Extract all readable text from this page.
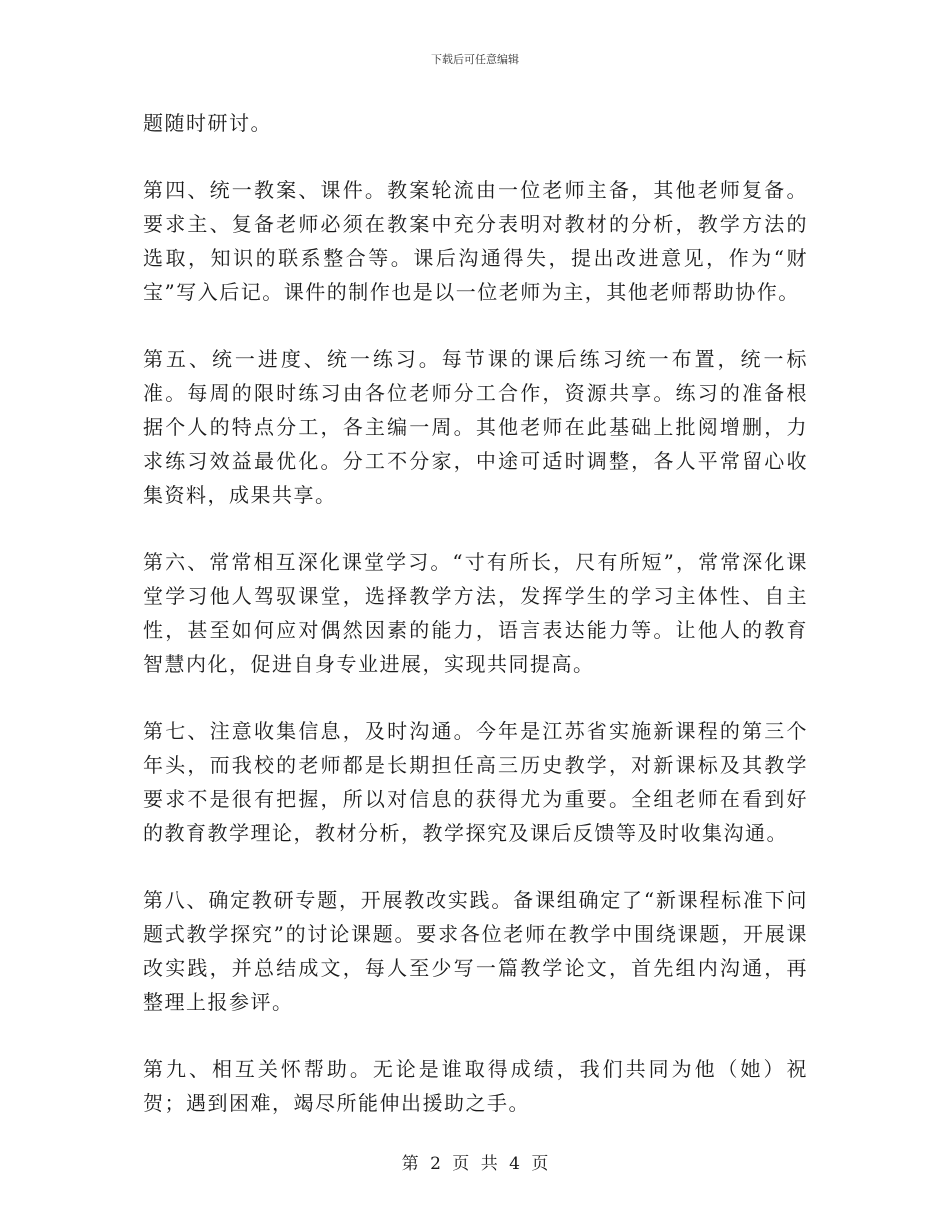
下载后可任意编辑

题随时研讨。

第四、统一教案、课件。教案轮流由一位老师主备，其他老师复备。要求主、复备老师必须在教案中充分表明对教材的分析，教学方法的选取，知识的联系整合等。课后沟通得失，提出改进意见，作为“财宝”写入后记。课件的制作也是以一位老师为主，其他老师帮助协作。

第五、统一进度、统一练习。每节课的课后练习统一布置，统一标准。每周的限时练习由各位老师分工合作，资源共享。练习的准备根据个人的特点分工，各主编一周。其他老师在此基础上批阅增删，力求练习效益最优化。分工不分家，中途可适时调整，各人平常留心收集资料，成果共享。

第六、常常相互深化课堂学习。“寸有所长，尺有所短”，常常深化课堂学习他人驾驭课堂，选择教学方法，发挥学生的学习主体性、自主性，甚至如何应对偶然因素的能力，语言表达能力等。让他人的教育智慧内化，促进自身专业进展，实现共同提高。

第七、注意收集信息，及时沟通。今年是江苏省实施新课程的第三个年头，而我校的老师都是长期担任高三历史教学，对新课标及其教学要求不是很有把握，所以对信息的获得尤为重要。全组老师在看到好的教育教学理论，教材分析，教学探究及课后反馈等及时收集沟通。

第八、确定教研专题，开展教改实践。备课组确定了“新课程标准下问题式教学探究”的讨论课题。要求各位老师在教学中围绕课题，开展课改实践，并总结成文，每人至少写一篇教学论文，首先组内沟通，再整理上报参评。

第九、相互关怀帮助。无论是谁取得成绩，我们共同为他（她）祝贺；遇到困难，竭尽所能伸出援助之手。

第 2 页 共 4 页
